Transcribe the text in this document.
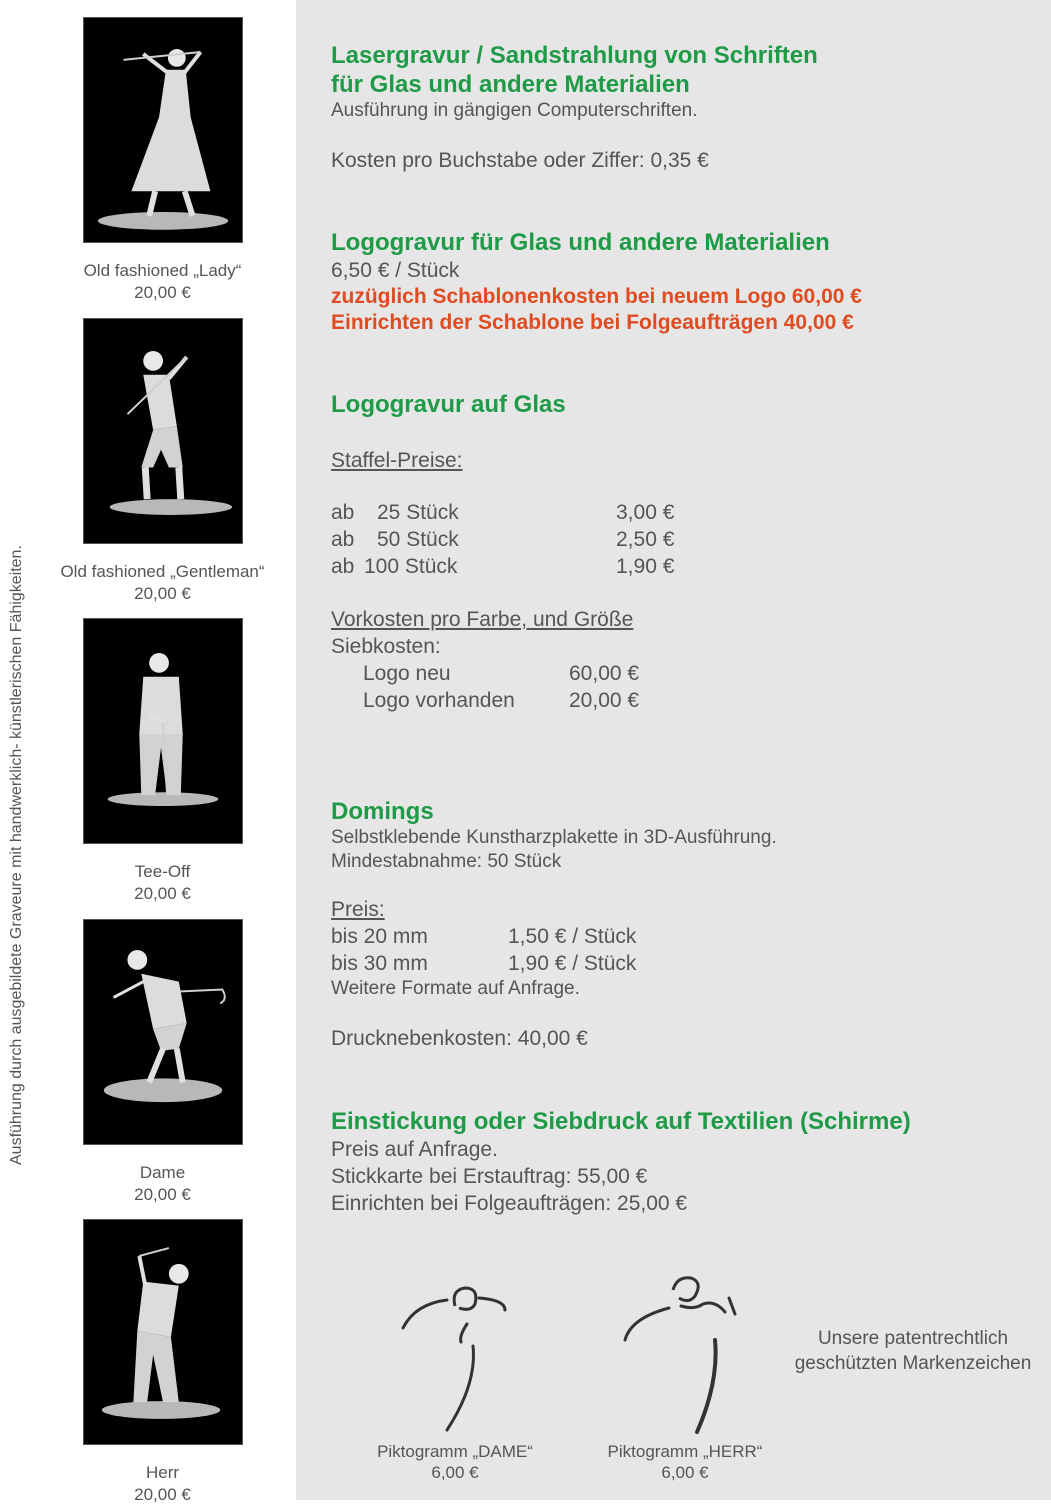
Ausführung durch ausgebildete Graveure mit handwerklich- künstlerischen Fähigkeiten.
Old fashioned „Lady“
20,00 €
Old fashioned „Gentleman“
20,00 €
Tee-Off
20,00 €
Dame
20,00 €
Herr
20,00 €
Lasergravur / Sandstrahlung von Schriften
für Glas und andere Materialien
Ausführung in gängigen Computerschriften.
Kosten pro Buchstabe oder Ziffer: 0,35 €
Logogravur für Glas und andere Materialien
6,50 € / Stück
zuzüglich Schablonenkosten bei neuem Logo 60,00 €
Einrichten der Schablone bei Folgeaufträgen 40,00 €
Logogravur auf Glas
Staffel-Preise:
ab	25 Stück	3,00 €
ab	50 Stück	2,50 €
ab 100 Stück	1,90 €
Vorkosten pro Farbe, und Größe
Siebkosten:
Logo neu	60,00 €
Logo vorhanden	20,00 €
Domings
Selbstklebende Kunstharzplakette in 3D-Ausführung.
Mindestabnahme: 50 Stück
Preis:
bis 20 mm	1,50 € / Stück
bis 30 mm	1,90 € / Stück
Weitere Formate auf Anfrage.
Drucknebenkosten: 40,00 €
Einstickung oder Siebdruck auf Textilien (Schirme)
Preis auf Anfrage.
Stickkarte bei Erstauftrag: 55,00 €
Einrichten bei Folgeaufträgen: 25,00 €
Piktogramm „DAME“
6,00 €
Piktogramm „HERR“
6,00 €
Unsere patentrechtlich
geschützten Markenzeichen
